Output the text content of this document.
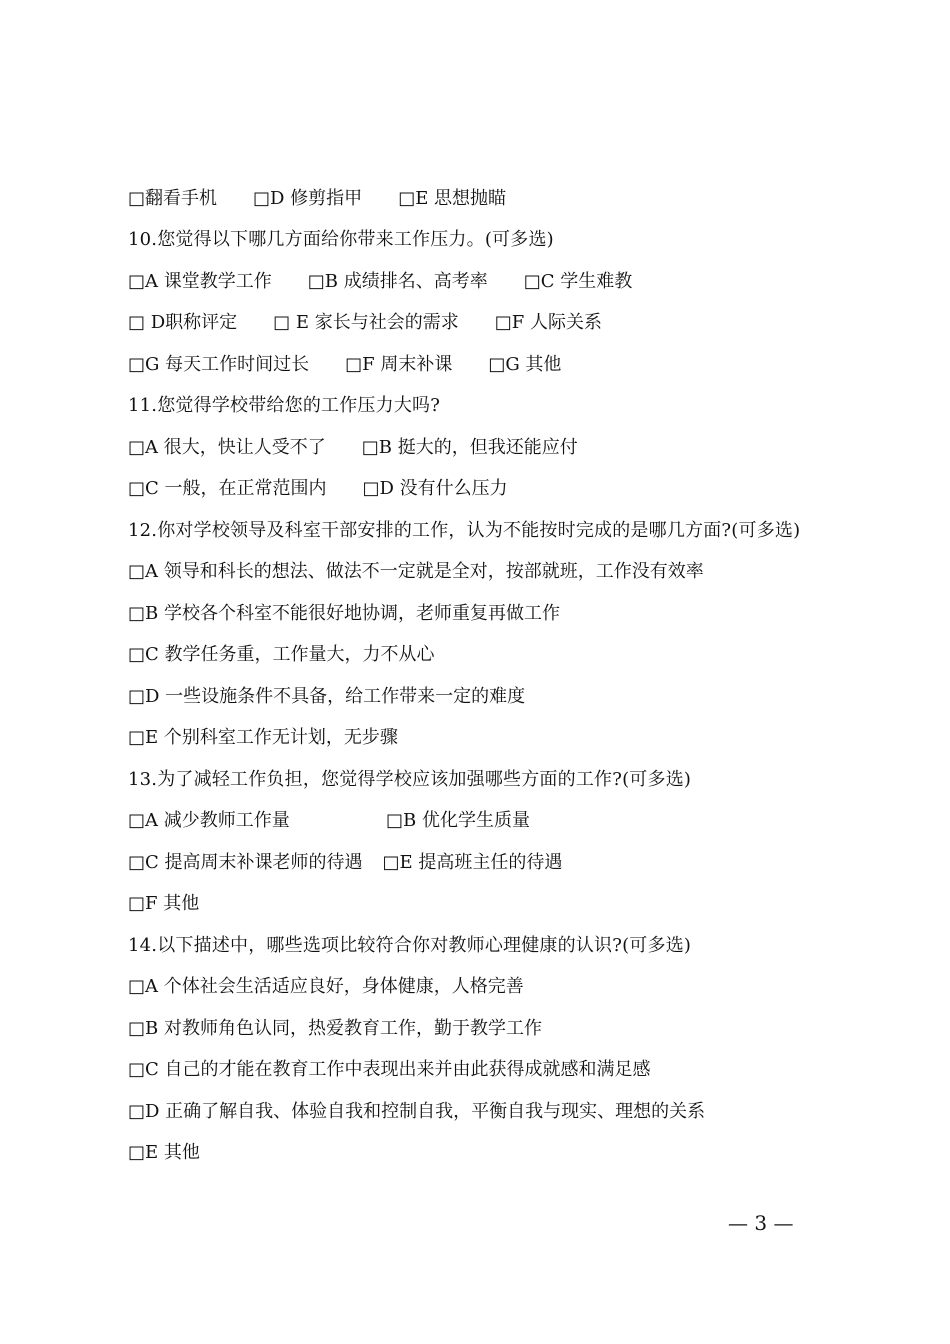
□翻看手机 □D 修剪指甲 □E 思想抛瞄
10.您觉得以下哪几方面给你带来工作压力。(可多选)
□A 课堂教学工作 □B 成绩排名、高考率 □C 学生难教
□ D职称评定 □ E 家长与社会的需求 □F 人际关系
□G 每天工作时间过长 □F 周末补课 □G 其他
11.您觉得学校带给您的工作压力大吗?
□A 很大，快让人受不了 □B 挺大的，但我还能应付
□C 一般，在正常范围内 □D 没有什么压力
12.你对学校领导及科室干部安排的工作，认为不能按时完成的是哪几方面?(可多选)
□A 领导和科长的想法、做法不一定就是全对，按部就班，工作没有效率
□B 学校各个科室不能很好地协调，老师重复再做工作
□C 教学任务重，工作量大，力不从心
□D 一些设施条件不具备，给工作带来一定的难度
□E 个别科室工作无计划，无步骤
13.为了减轻工作负担，您觉得学校应该加强哪些方面的工作?(可多选)
□A 减少教师工作量	□B 优化学生质量
□C 提高周末补课老师的待遇 □E 提高班主任的待遇
□F 其他
14.以下描述中，哪些选项比较符合你对教师心理健康的认识?(可多选)
□A 个体社会生活适应良好，身体健康，人格完善
□B 对教师角色认同，热爱教育工作，勤于教学工作
□C 自己的才能在教育工作中表现出来并由此获得成就感和满足感
□D 正确了解自我、体验自我和控制自我，平衡自我与现实、理想的关系
□E 其他
— 3 —
